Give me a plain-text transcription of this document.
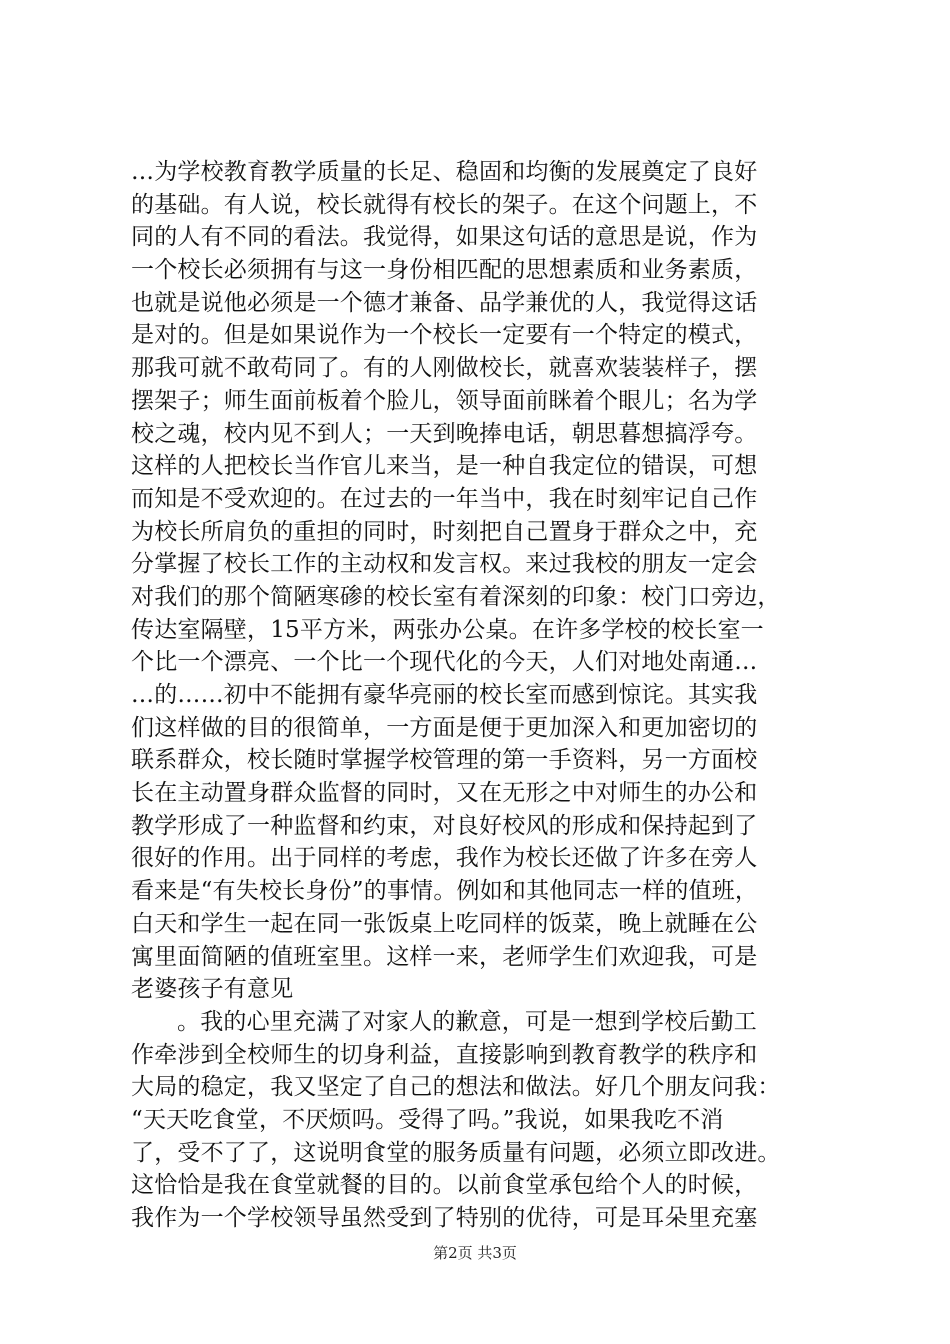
…为学校教育教学质量的长足、稳固和均衡的发展奠定了良好
的基础。有人说，校长就得有校长的架子。在这个问题上，不
同的人有不同的看法。我觉得，如果这句话的意思是说，作为
一个校长必须拥有与这一身份相匹配的思想素质和业务素质，
也就是说他必须是一个德才兼备、品学兼优的人，我觉得这话
是对的。但是如果说作为一个校长一定要有一个特定的模式，
那我可就不敢苟同了。有的人刚做校长，就喜欢装装样子，摆
摆架子；师生面前板着个脸儿，领导面前眯着个眼儿；名为学
校之魂，校内见不到人；一天到晚捧电话，朝思暮想搞浮夸。
这样的人把校长当作官儿来当，是一种自我定位的错误，可想
而知是不受欢迎的。在过去的一年当中，我在时刻牢记自己作
为校长所肩负的重担的同时，时刻把自己置身于群众之中，充
分掌握了校长工作的主动权和发言权。来过我校的朋友一定会
对我们的那个简陋寒碜的校长室有着深刻的印象：校门口旁边，
传达室隔壁，15平方米，两张办公桌。在许多学校的校长室一
个比一个漂亮、一个比一个现代化的今天，人们对地处南通…
…的……初中不能拥有豪华亮丽的校长室而感到惊诧。其实我
们这样做的目的很简单，一方面是便于更加深入和更加密切的
联系群众，校长随时掌握学校管理的第一手资料，另一方面校
长在主动置身群众监督的同时，又在无形之中对师生的办公和
教学形成了一种监督和约束，对良好校风的形成和保持起到了
很好的作用。出于同样的考虑，我作为校长还做了许多在旁人
看来是“有失校长身份”的事情。例如和其他同志一样的值班，
白天和学生一起在同一张饭桌上吃同样的饭菜，晚上就睡在公
寓里面简陋的值班室里。这样一来，老师学生们欢迎我，可是
老婆孩子有意见
。我的心里充满了对家人的歉意，可是一想到学校后勤工
作牵涉到全校师生的切身利益，直接影响到教育教学的秩序和
大局的稳定，我又坚定了自己的想法和做法。好几个朋友问我：
“天天吃食堂，不厌烦吗。受得了吗。”我说，如果我吃不消
了，受不了了，这说明食堂的服务质量有问题，必须立即改进。
这恰恰是我在食堂就餐的目的。以前食堂承包给个人的时候，
我作为一个学校领导虽然受到了特别的优待，可是耳朵里充塞
第2页 共3页
